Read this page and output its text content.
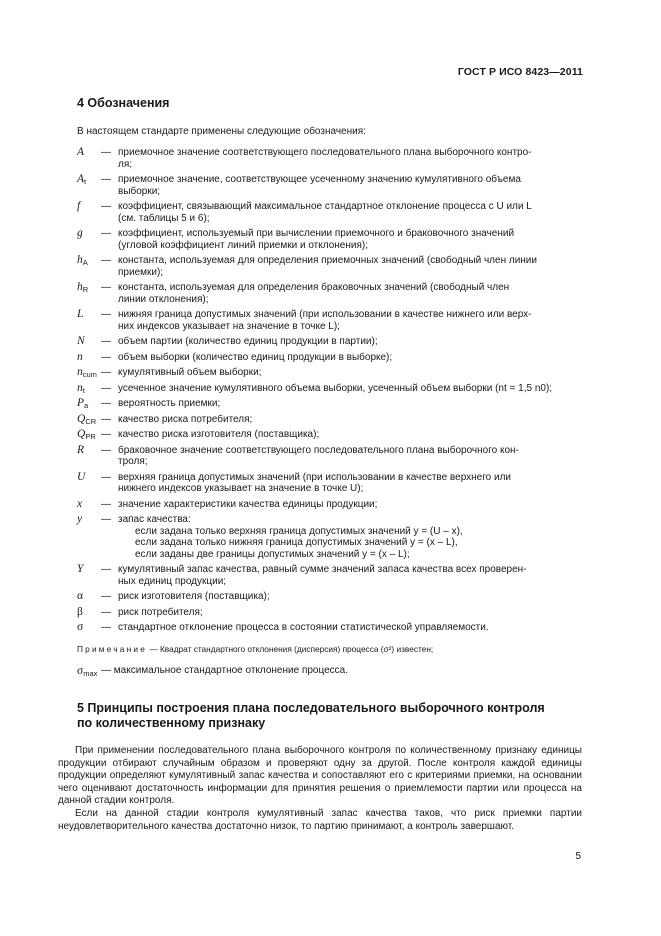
ГОСТ Р ИСО 8423—2011
4 Обозначения
В настоящем стандарте применены следующие обозначения:
A	— приемочное значение соответствующего последовательного плана выборочного контро-
ля;
$A_t$	— приемочное значение, соответствующее усеченному значению кумулятивного объема
выборки;
f	— коэффициент, связывающий максимальное стандартное отклонение процесса с U или L
(см. таблицы 5 и 6);
g	— коэффициент, используемый при вычислении приемочного и браковочного значений
(угловой коэффициент линий приемки и отклонения);
$h_A$	— константа, используемая для определения приемочных значений (свободный член линии
приемки);
$h_R$	— константа, используемая для определения браковочных значений (свободный член
линии отклонения);
L	— нижняя граница допустимых значений (при использовании в качестве нижнего или верх-
них индексов указывает на значение в точке L);
N	— объем партии (количество единиц продукции в партии);
n	— объем выборки (количество единиц продукции в выборке);
$n_{cum}$ — кумулятивный объем выборки;
$n_t$	— усеченное значение кумулятивного объема выборки, усеченный объем выборки (nt = 1,5 n0);
$P_a$	— вероятность приемки;
$Q_{CR}$ — качество риска потребителя;
$Q_{PR}$ — качество риска изготовителя (поставщика);
R	— браковочное значение соответствующего последовательного плана выборочного кон-
троля;
U	— верхняя граница допустимых значений (при использовании в качестве верхнего или
нижнего индексов указывает на значение в точке U);
x	— значение характеристики качества единицы продукции;
y	— запас качества:
если задана только верхняя граница допустимых значений y = (U – x),
если задана только нижняя граница допустимых значений y = (x – L),
если заданы две границы допустимых значений y = (x – L);
Y	— кумулятивный запас качества, равный сумме значений запаса качества всех проверен-
ных единиц продукции;
α	— риск изготовителя (поставщика);
β	— риск потребителя;
σ	— стандартное отклонение процесса в состоянии статистической управляемости.
Примечание — Квадрат стандартного отклонения (дисперсия) процесса (σ²) известен;
$\sigma_{max}$ — максимальное стандартное отклонение процесса.
5 Принципы построения плана последовательного выборочного контроля
по количественному признаку

При применении последовательного плана выборочного контроля по количественному признаку единицы продукции отбирают случайным образом и проверяют одну за другой. После контроля каждой единицы продукции определяют кумулятивный запас качества и сопоставляют его с критериями приемки, на основании чего оценивают достаточность информации для принятия решения о приемлемости партии или процесса на данной стадии контроля.

Если на данной стадии контроля кумулятивный запас качества таков, что риск приемки партии неудовлетворительного качества достаточно низок, то партию принимают, а контроль завершают.

5
